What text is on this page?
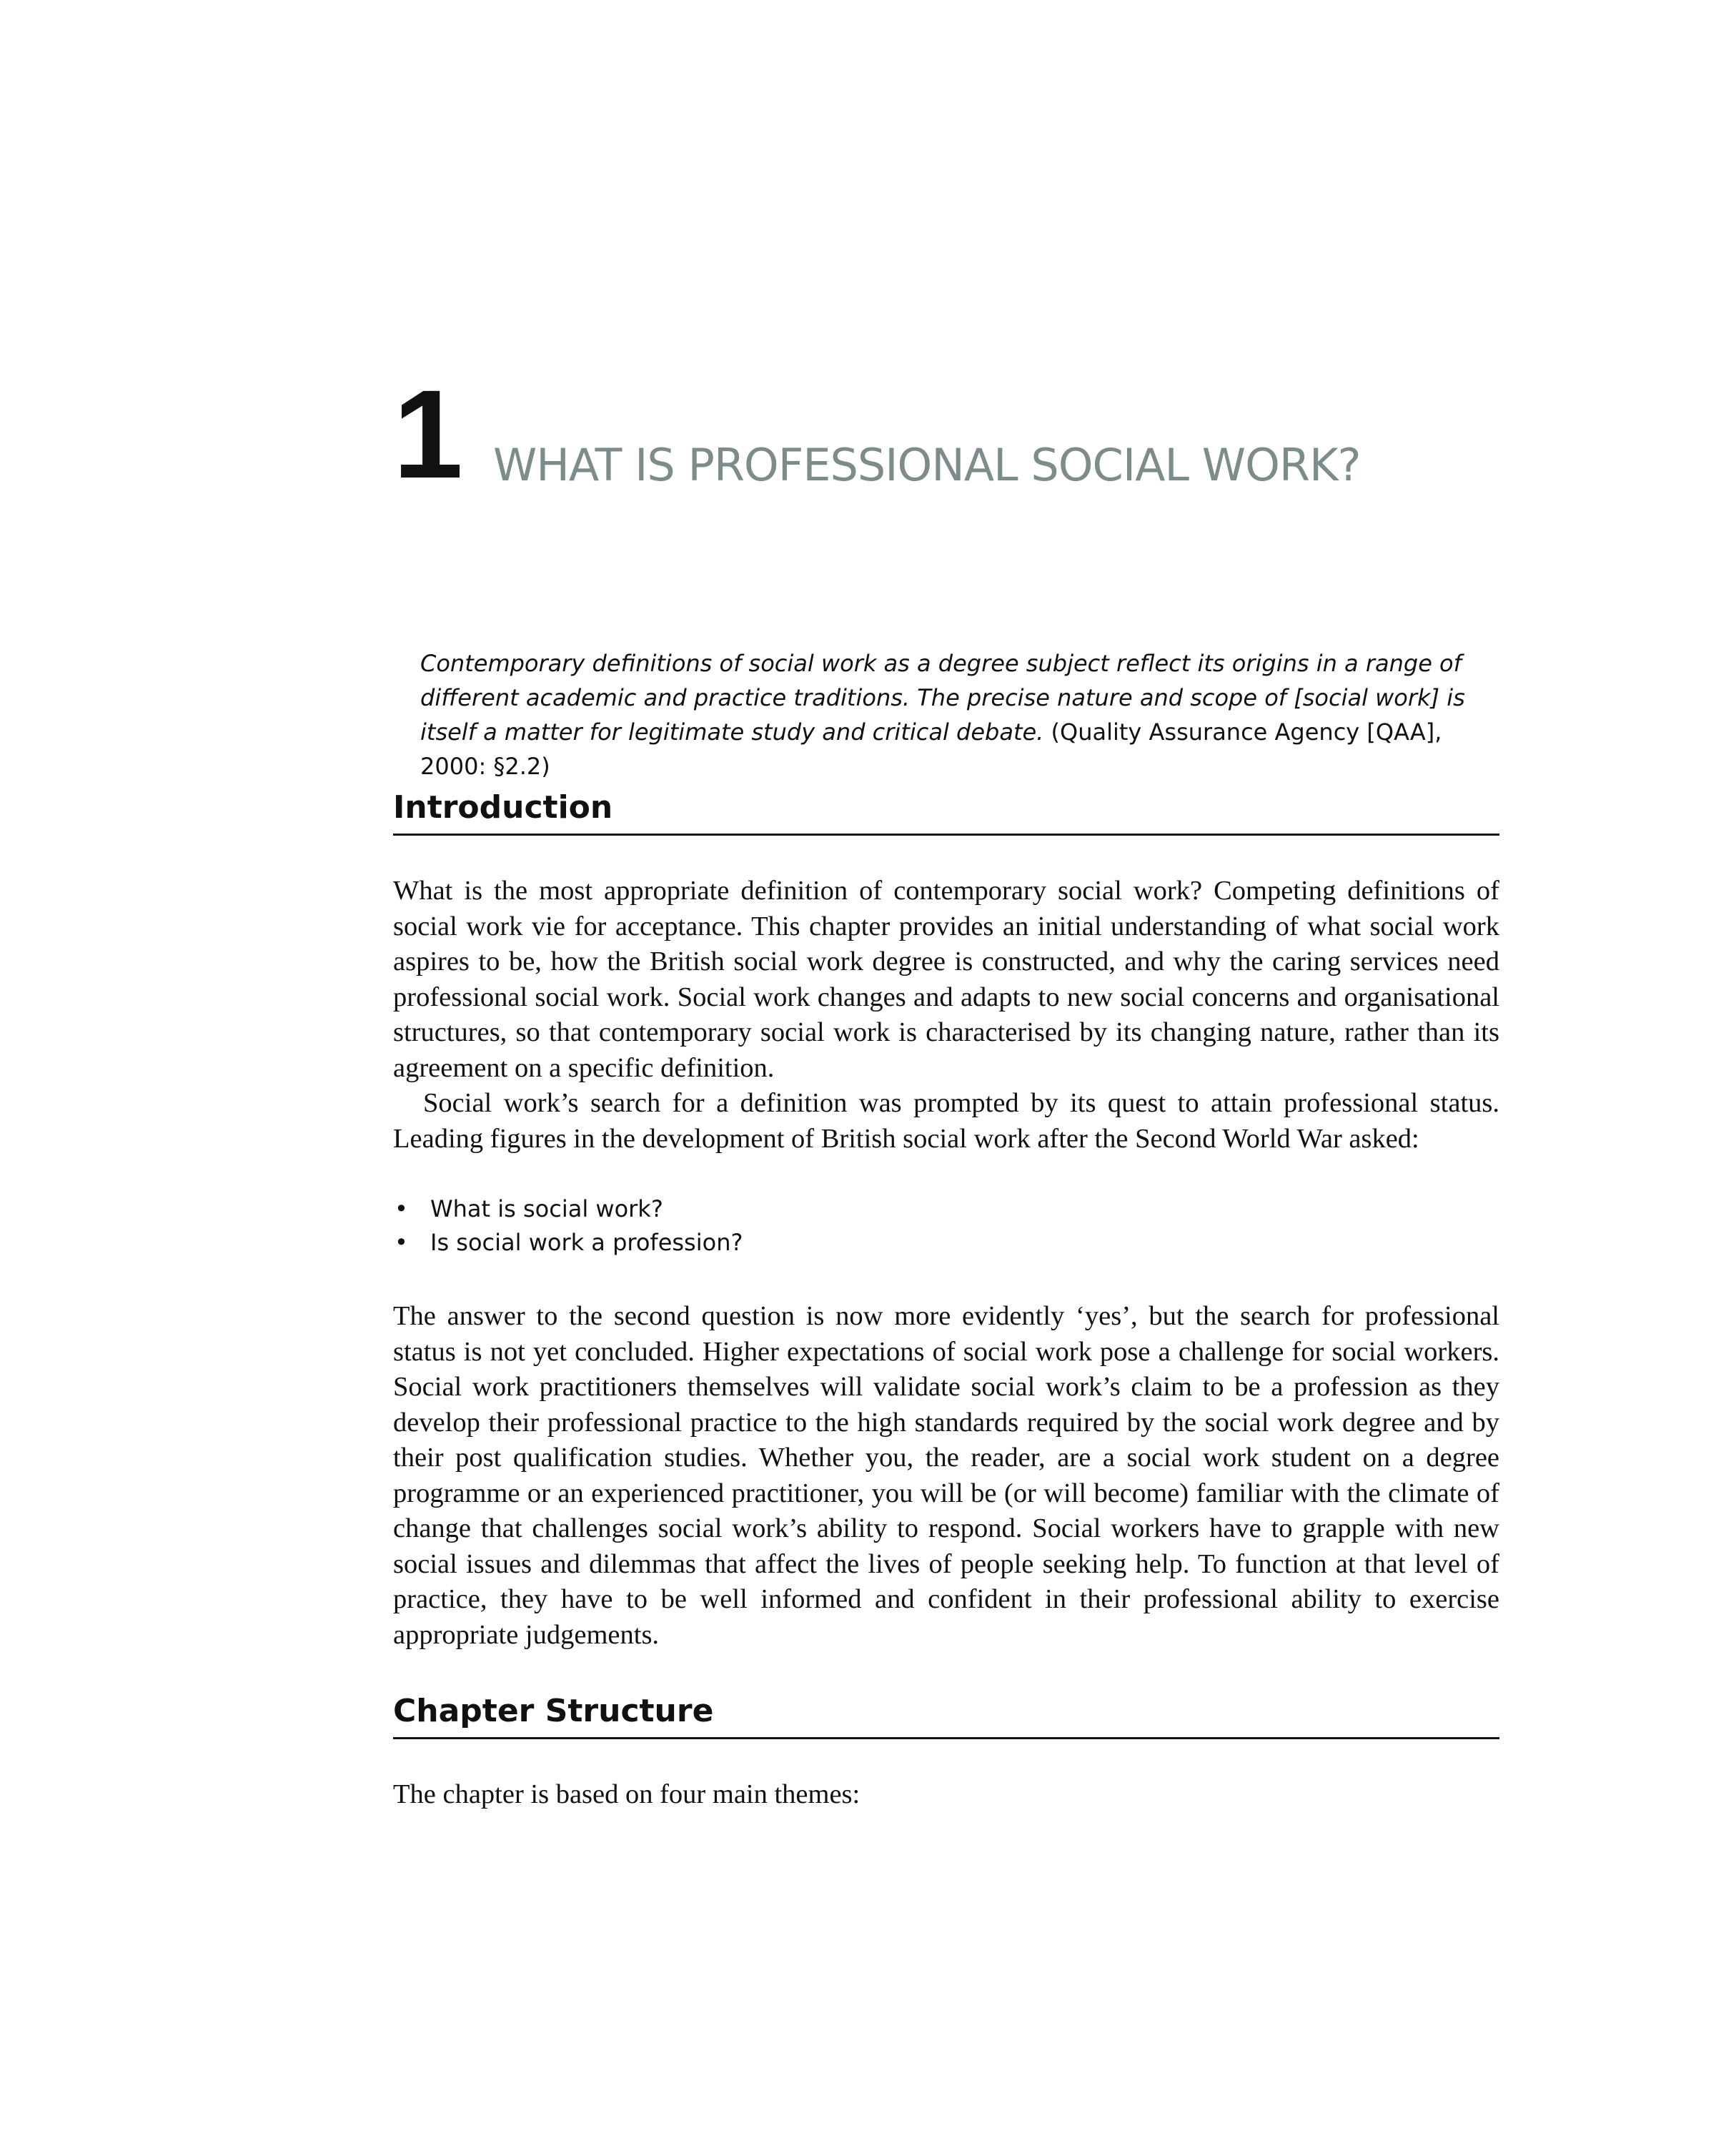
1 WHAT IS PROFESSIONAL SOCIAL WORK?
Contemporary definitions of social work as a degree subject reflect its origins in a range of different academic and practice traditions. The precise nature and scope of [social work] is itself a matter for legitimate study and critical debate. (Quality Assurance Agency [QAA], 2000: §2.2)
Introduction

What is the most appropriate definition of contemporary social work? Competing definitions of social work vie for acceptance. This chapter provides an initial understanding of what social work aspires to be, how the British social work degree is constructed, and why the caring services need professional social work. Social work changes and adapts to new social concerns and organisational structures, so that contemporary social work is characterised by its changing nature, rather than its agreement on a specific definition.

Social work’s search for a definition was prompted by its quest to attain professional status. Leading figures in the development of British social work after the Second World War asked:

• What is social work?
• Is social work a profession?

The answer to the second question is now more evidently ‘yes’, but the search for professional status is not yet concluded. Higher expectations of social work pose a challenge for social workers. Social work practitioners themselves will validate social work’s claim to be a profession as they develop their professional practice to the high standards required by the social work degree and by their post qualification studies. Whether you, the reader, are a social work student on a degree programme or an experienced practitioner, you will be (or will become) familiar with the climate of change that challenges social work’s ability to respond. Social workers have to grapple with new social issues and dilemmas that affect the lives of people seeking help. To function at that level of practice, they have to be well informed and confident in their professional ability to exercise appropriate judgements.

Chapter Structure

The chapter is based on four main themes:
